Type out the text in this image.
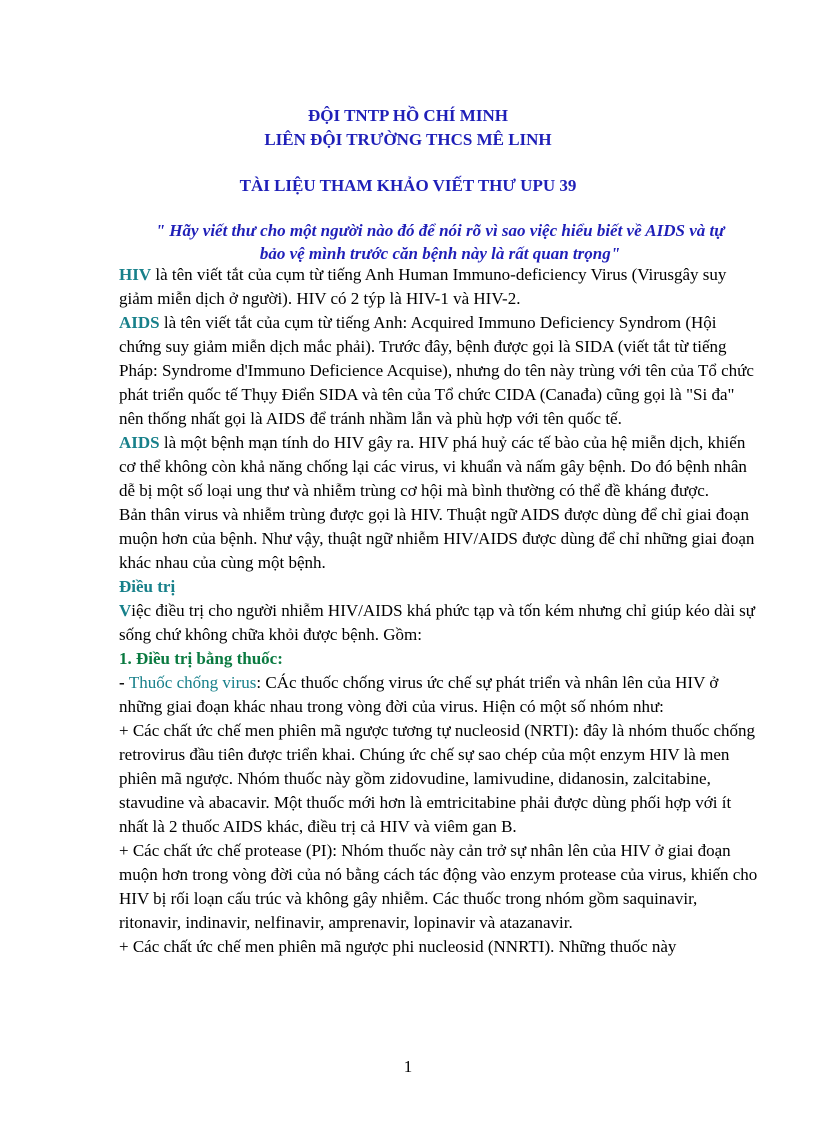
ĐỘI TNTP HỒ CHÍ MINH
LIÊN ĐỘI TRƯỜNG THCS MÊ LINH
TÀI LIỆU THAM KHẢO VIẾT THƯ UPU 39
" Hãy viết thư cho một người nào đó để nói rõ vì sao việc hiểu biết về AIDS và tự
bảo vệ mình trước căn bệnh này là rất quan trọng"

HIV là tên viết tắt của cụm từ tiếng Anh Human Immuno-deficiency Virus (Virusgây suy giảm miễn dịch ở người). HIV có 2 týp là HIV-1 và HIV-2.

AIDS là tên viết tắt của cụm từ tiếng Anh: Acquired Immuno Deficiency Syndrom (Hội chứng suy giảm miễn dịch mắc phải). Trước đây, bệnh được gọi là SIDA (viết tắt từ tiếng Pháp: Syndrome d'Immuno Deficience Acquise), nhưng do tên này trùng với tên của Tổ chức phát triển quốc tế Thụy Điển SIDA và tên của Tổ chức CIDA (Canađa) cũng gọi là "Si đa" nên thống nhất gọi là AIDS để tránh nhầm lẫn và phù hợp với tên quốc tế.

AIDS là một bệnh mạn tính do HIV gây ra. HIV phá huỷ các tế bào của hệ miễn dịch, khiến cơ thể không còn khả năng chống lại các virus, vi khuẩn và nấm gây bệnh. Do đó bệnh nhân dễ bị một số loại ung thư và nhiễm trùng cơ hội mà bình thường có thể đề kháng được.

Bản thân virus và nhiễm trùng được gọi là HIV. Thuật ngữ AIDS được dùng để chỉ giai đoạn muộn hơn của bệnh. Như vậy, thuật ngữ nhiễm HIV/AIDS được dùng để chỉ những giai đoạn khác nhau của cùng một bệnh.

Điều trị

Việc điều trị cho người nhiễm HIV/AIDS khá phức tạp và tốn kém nhưng chỉ giúp kéo dài sự sống chứ không chữa khỏi được bệnh. Gồm:

1. Điều trị bằng thuốc:

- Thuốc chống virus: CÁc thuốc chống virus ức chế sự phát triển và nhân lên của HIV ở những giai đoạn khác nhau trong vòng đời của virus. Hiện có một số nhóm như:

+ Các chất ức chế men phiên mã ngược tương tự nucleosid (NRTI): đây là nhóm thuốc chống retrovirus đầu tiên được triển khai. Chúng ức chế sự sao chép của một enzym HIV là men phiên mã ngược. Nhóm thuốc này gồm zidovudine, lamivudine, didanosin, zalcitabine, stavudine và abacavir. Một thuốc mới hơn là emtricitabine phải được dùng phối hợp với ít nhất là 2 thuốc AIDS khác, điều trị cả HIV và viêm gan B.

+ Các chất ức chế protease (PI): Nhóm thuốc này cản trở sự nhân lên của HIV ở giai đoạn muộn hơn trong vòng đời của nó bằng cách tác động vào enzym protease của virus, khiến cho HIV bị rối loạn cấu trúc và không gây nhiễm. Các thuốc trong nhóm gồm saquinavir, ritonavir, indinavir, nelfinavir, amprenavir, lopinavir và atazanavir.

+ Các chất ức chế men phiên mã ngược phi nucleosid (NNRTI). Những thuốc này

1
